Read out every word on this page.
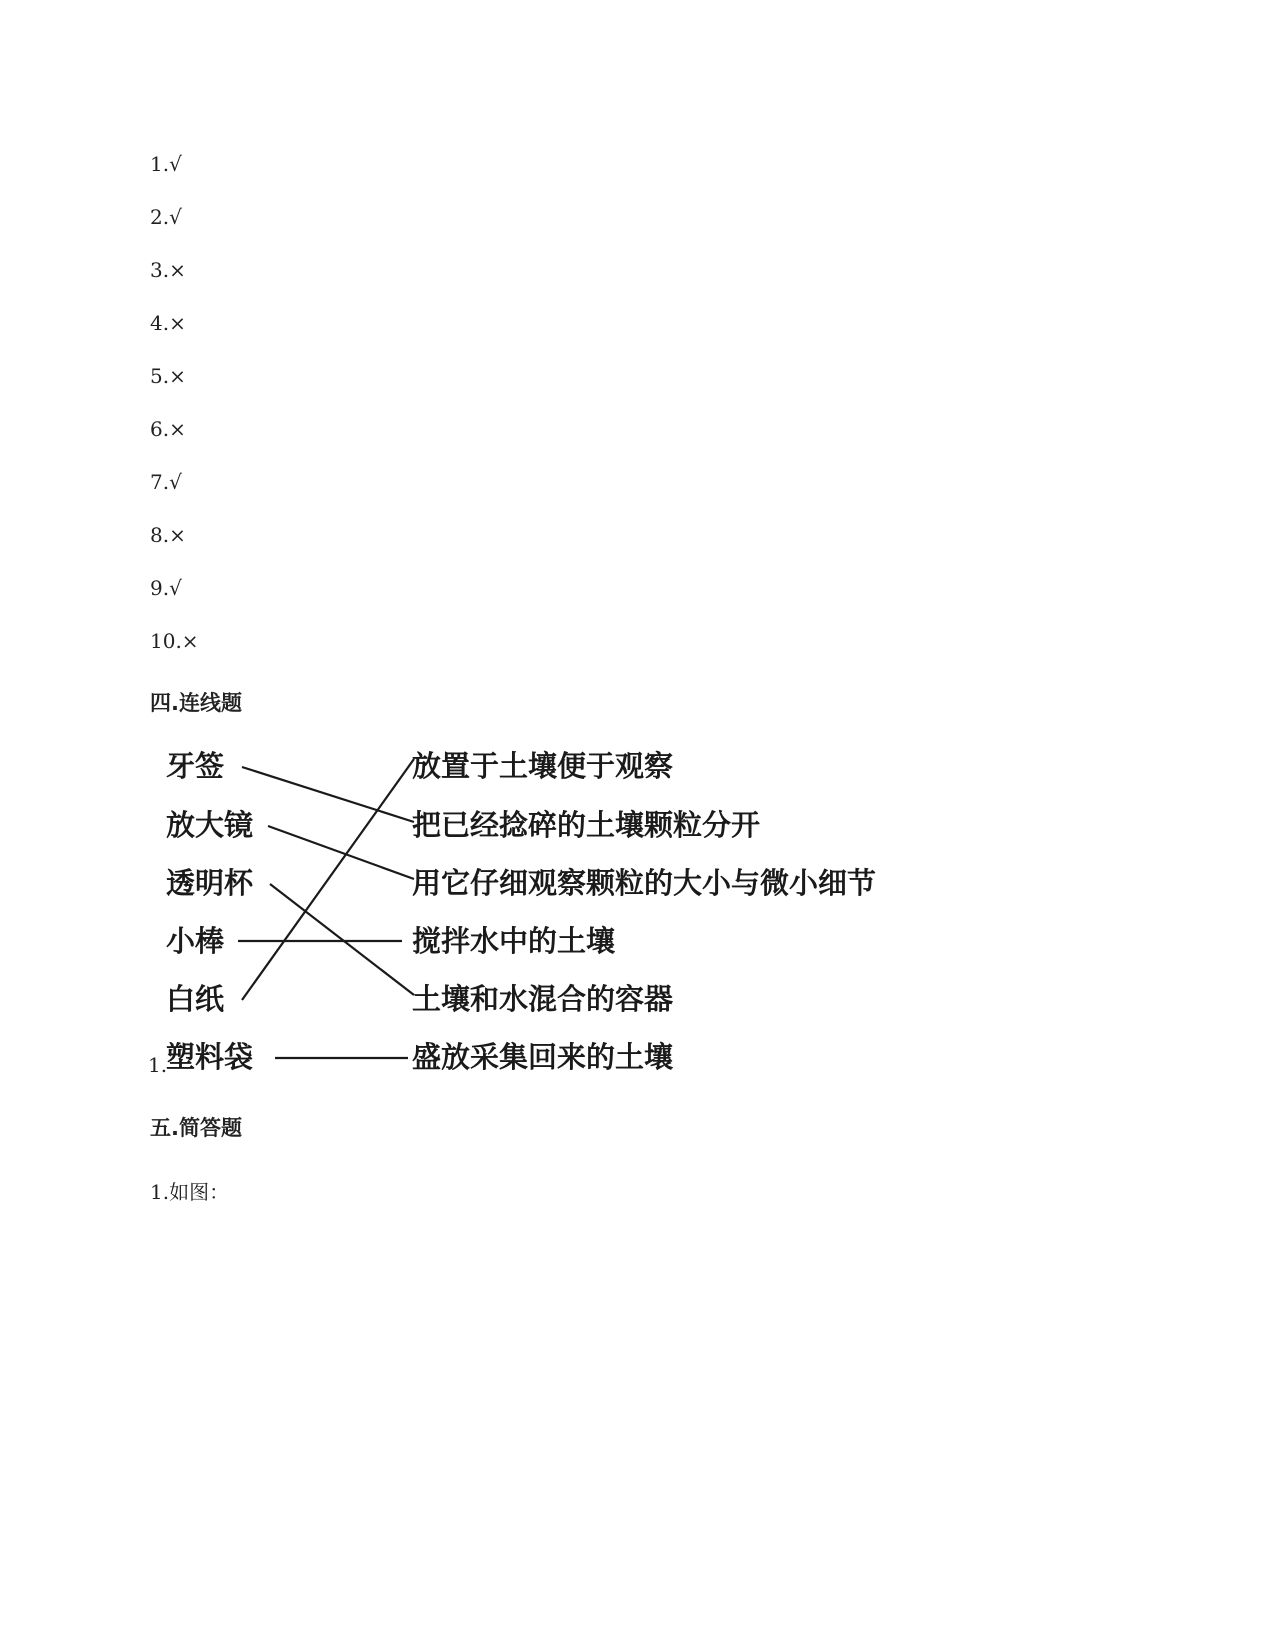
1.√
2.√
3.×
4.×
5.×
6.×
7.√
8.×
9.√
10.×
四.连线题
牙签
放大镜
透明杯
小棒
白纸
1.
塑料袋
放置于土壤便于观察
把已经捻碎的土壤颗粒分开
用它仔细观察颗粒的大小与微小细节
搅拌水中的土壤
土壤和水混合的容器
盛放采集回来的土壤
五.简答题
1.如图：
